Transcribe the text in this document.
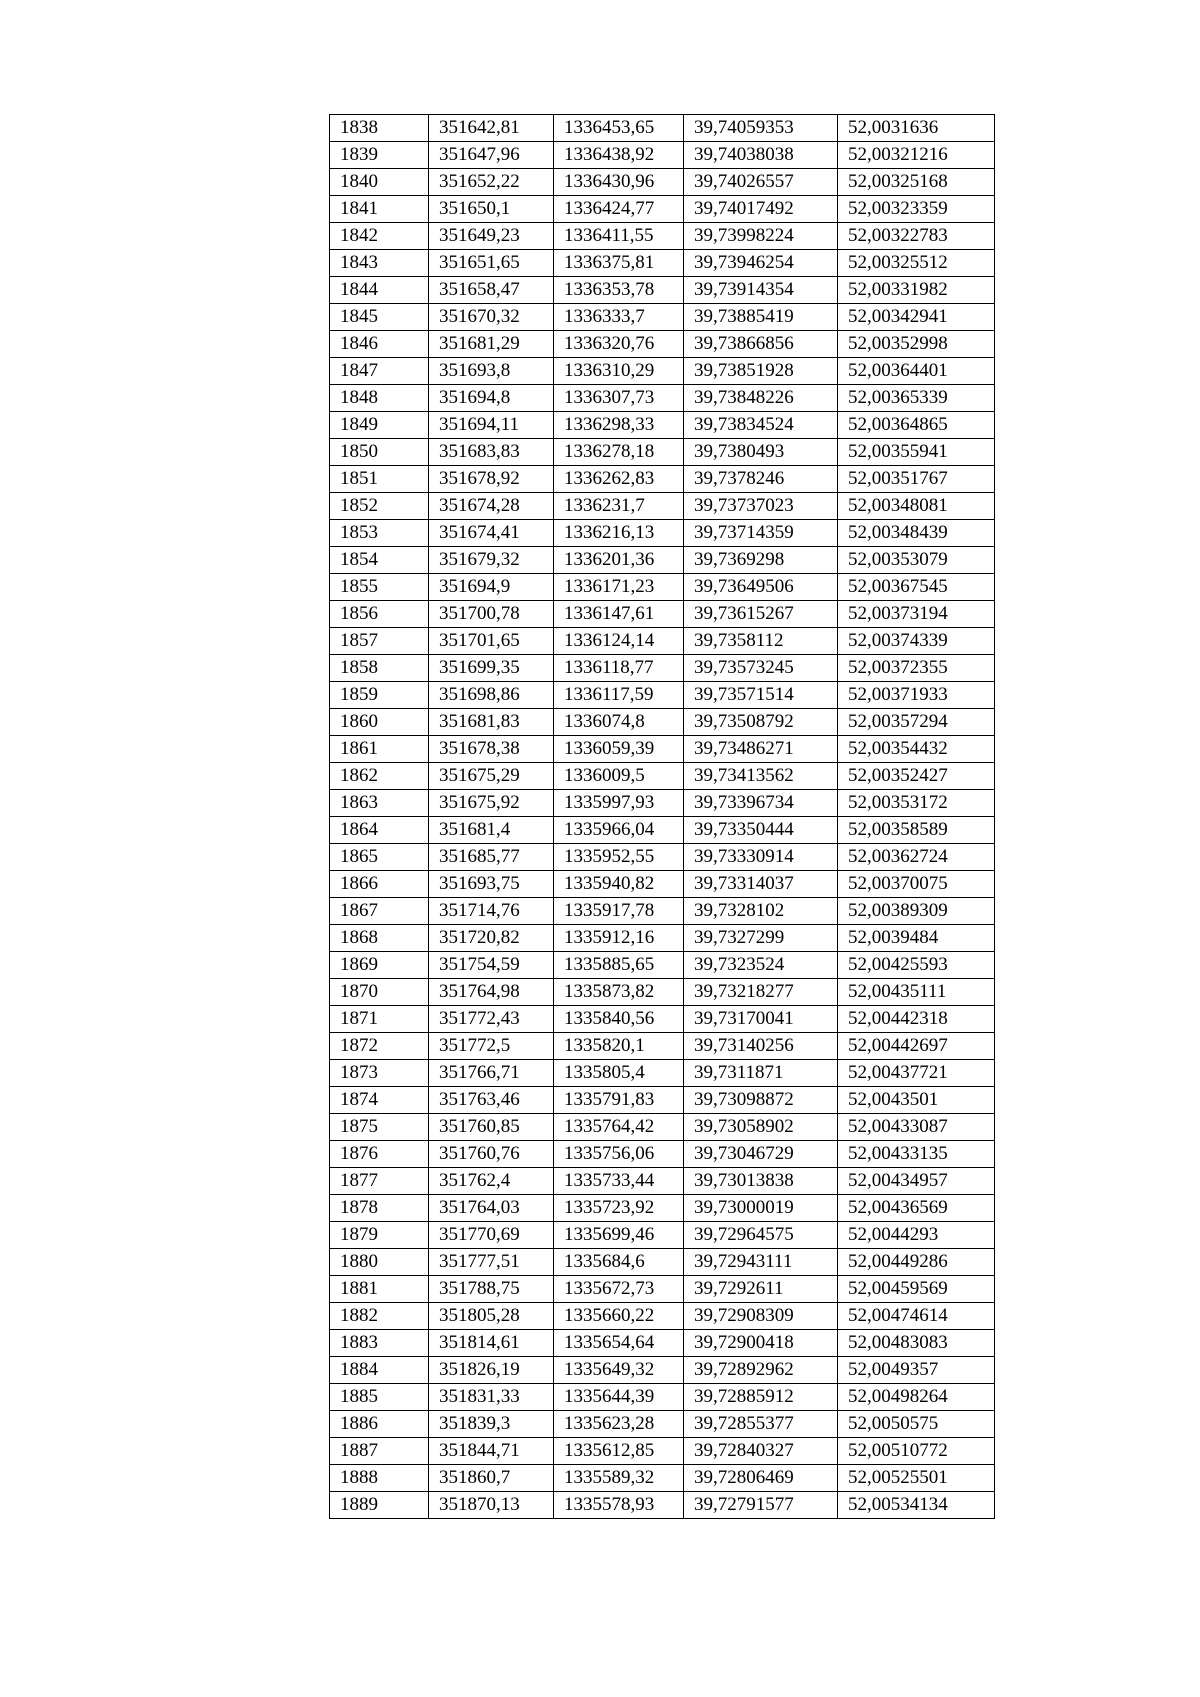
1838	351642,81	1336453,65	39,74059353	52,0031636
1839	351647,96	1336438,92	39,74038038	52,00321216
1840	351652,22	1336430,96	39,74026557	52,00325168
1841	351650,1	1336424,77	39,74017492	52,00323359
1842	351649,23	1336411,55	39,73998224	52,00322783
1843	351651,65	1336375,81	39,73946254	52,00325512
1844	351658,47	1336353,78	39,73914354	52,00331982
1845	351670,32	1336333,7	39,73885419	52,00342941
1846	351681,29	1336320,76	39,73866856	52,00352998
1847	351693,8	1336310,29	39,73851928	52,00364401
1848	351694,8	1336307,73	39,73848226	52,00365339
1849	351694,11	1336298,33	39,73834524	52,00364865
1850	351683,83	1336278,18	39,7380493	52,00355941
1851	351678,92	1336262,83	39,7378246	52,00351767
1852	351674,28	1336231,7	39,73737023	52,00348081
1853	351674,41	1336216,13	39,73714359	52,00348439
1854	351679,32	1336201,36	39,7369298	52,00353079
1855	351694,9	1336171,23	39,73649506	52,00367545
1856	351700,78	1336147,61	39,73615267	52,00373194
1857	351701,65	1336124,14	39,7358112	52,00374339
1858	351699,35	1336118,77	39,73573245	52,00372355
1859	351698,86	1336117,59	39,73571514	52,00371933
1860	351681,83	1336074,8	39,73508792	52,00357294
1861	351678,38	1336059,39	39,73486271	52,00354432
1862	351675,29	1336009,5	39,73413562	52,00352427
1863	351675,92	1335997,93	39,73396734	52,00353172
1864	351681,4	1335966,04	39,73350444	52,00358589
1865	351685,77	1335952,55	39,73330914	52,00362724
1866	351693,75	1335940,82	39,73314037	52,00370075
1867	351714,76	1335917,78	39,7328102	52,00389309
1868	351720,82	1335912,16	39,7327299	52,0039484
1869	351754,59	1335885,65	39,7323524	52,00425593
1870	351764,98	1335873,82	39,73218277	52,00435111
1871	351772,43	1335840,56	39,73170041	52,00442318
1872	351772,5	1335820,1	39,73140256	52,00442697
1873	351766,71	1335805,4	39,7311871	52,00437721
1874	351763,46	1335791,83	39,73098872	52,0043501
1875	351760,85	1335764,42	39,73058902	52,00433087
1876	351760,76	1335756,06	39,73046729	52,00433135
1877	351762,4	1335733,44	39,73013838	52,00434957
1878	351764,03	1335723,92	39,73000019	52,00436569
1879	351770,69	1335699,46	39,72964575	52,0044293
1880	351777,51	1335684,6	39,72943111	52,00449286
1881	351788,75	1335672,73	39,7292611	52,00459569
1882	351805,28	1335660,22	39,72908309	52,00474614
1883	351814,61	1335654,64	39,72900418	52,00483083
1884	351826,19	1335649,32	39,72892962	52,0049357
1885	351831,33	1335644,39	39,72885912	52,00498264
1886	351839,3	1335623,28	39,72855377	52,0050575
1887	351844,71	1335612,85	39,72840327	52,00510772
1888	351860,7	1335589,32	39,72806469	52,00525501
1889	351870,13	1335578,93	39,72791577	52,00534134
